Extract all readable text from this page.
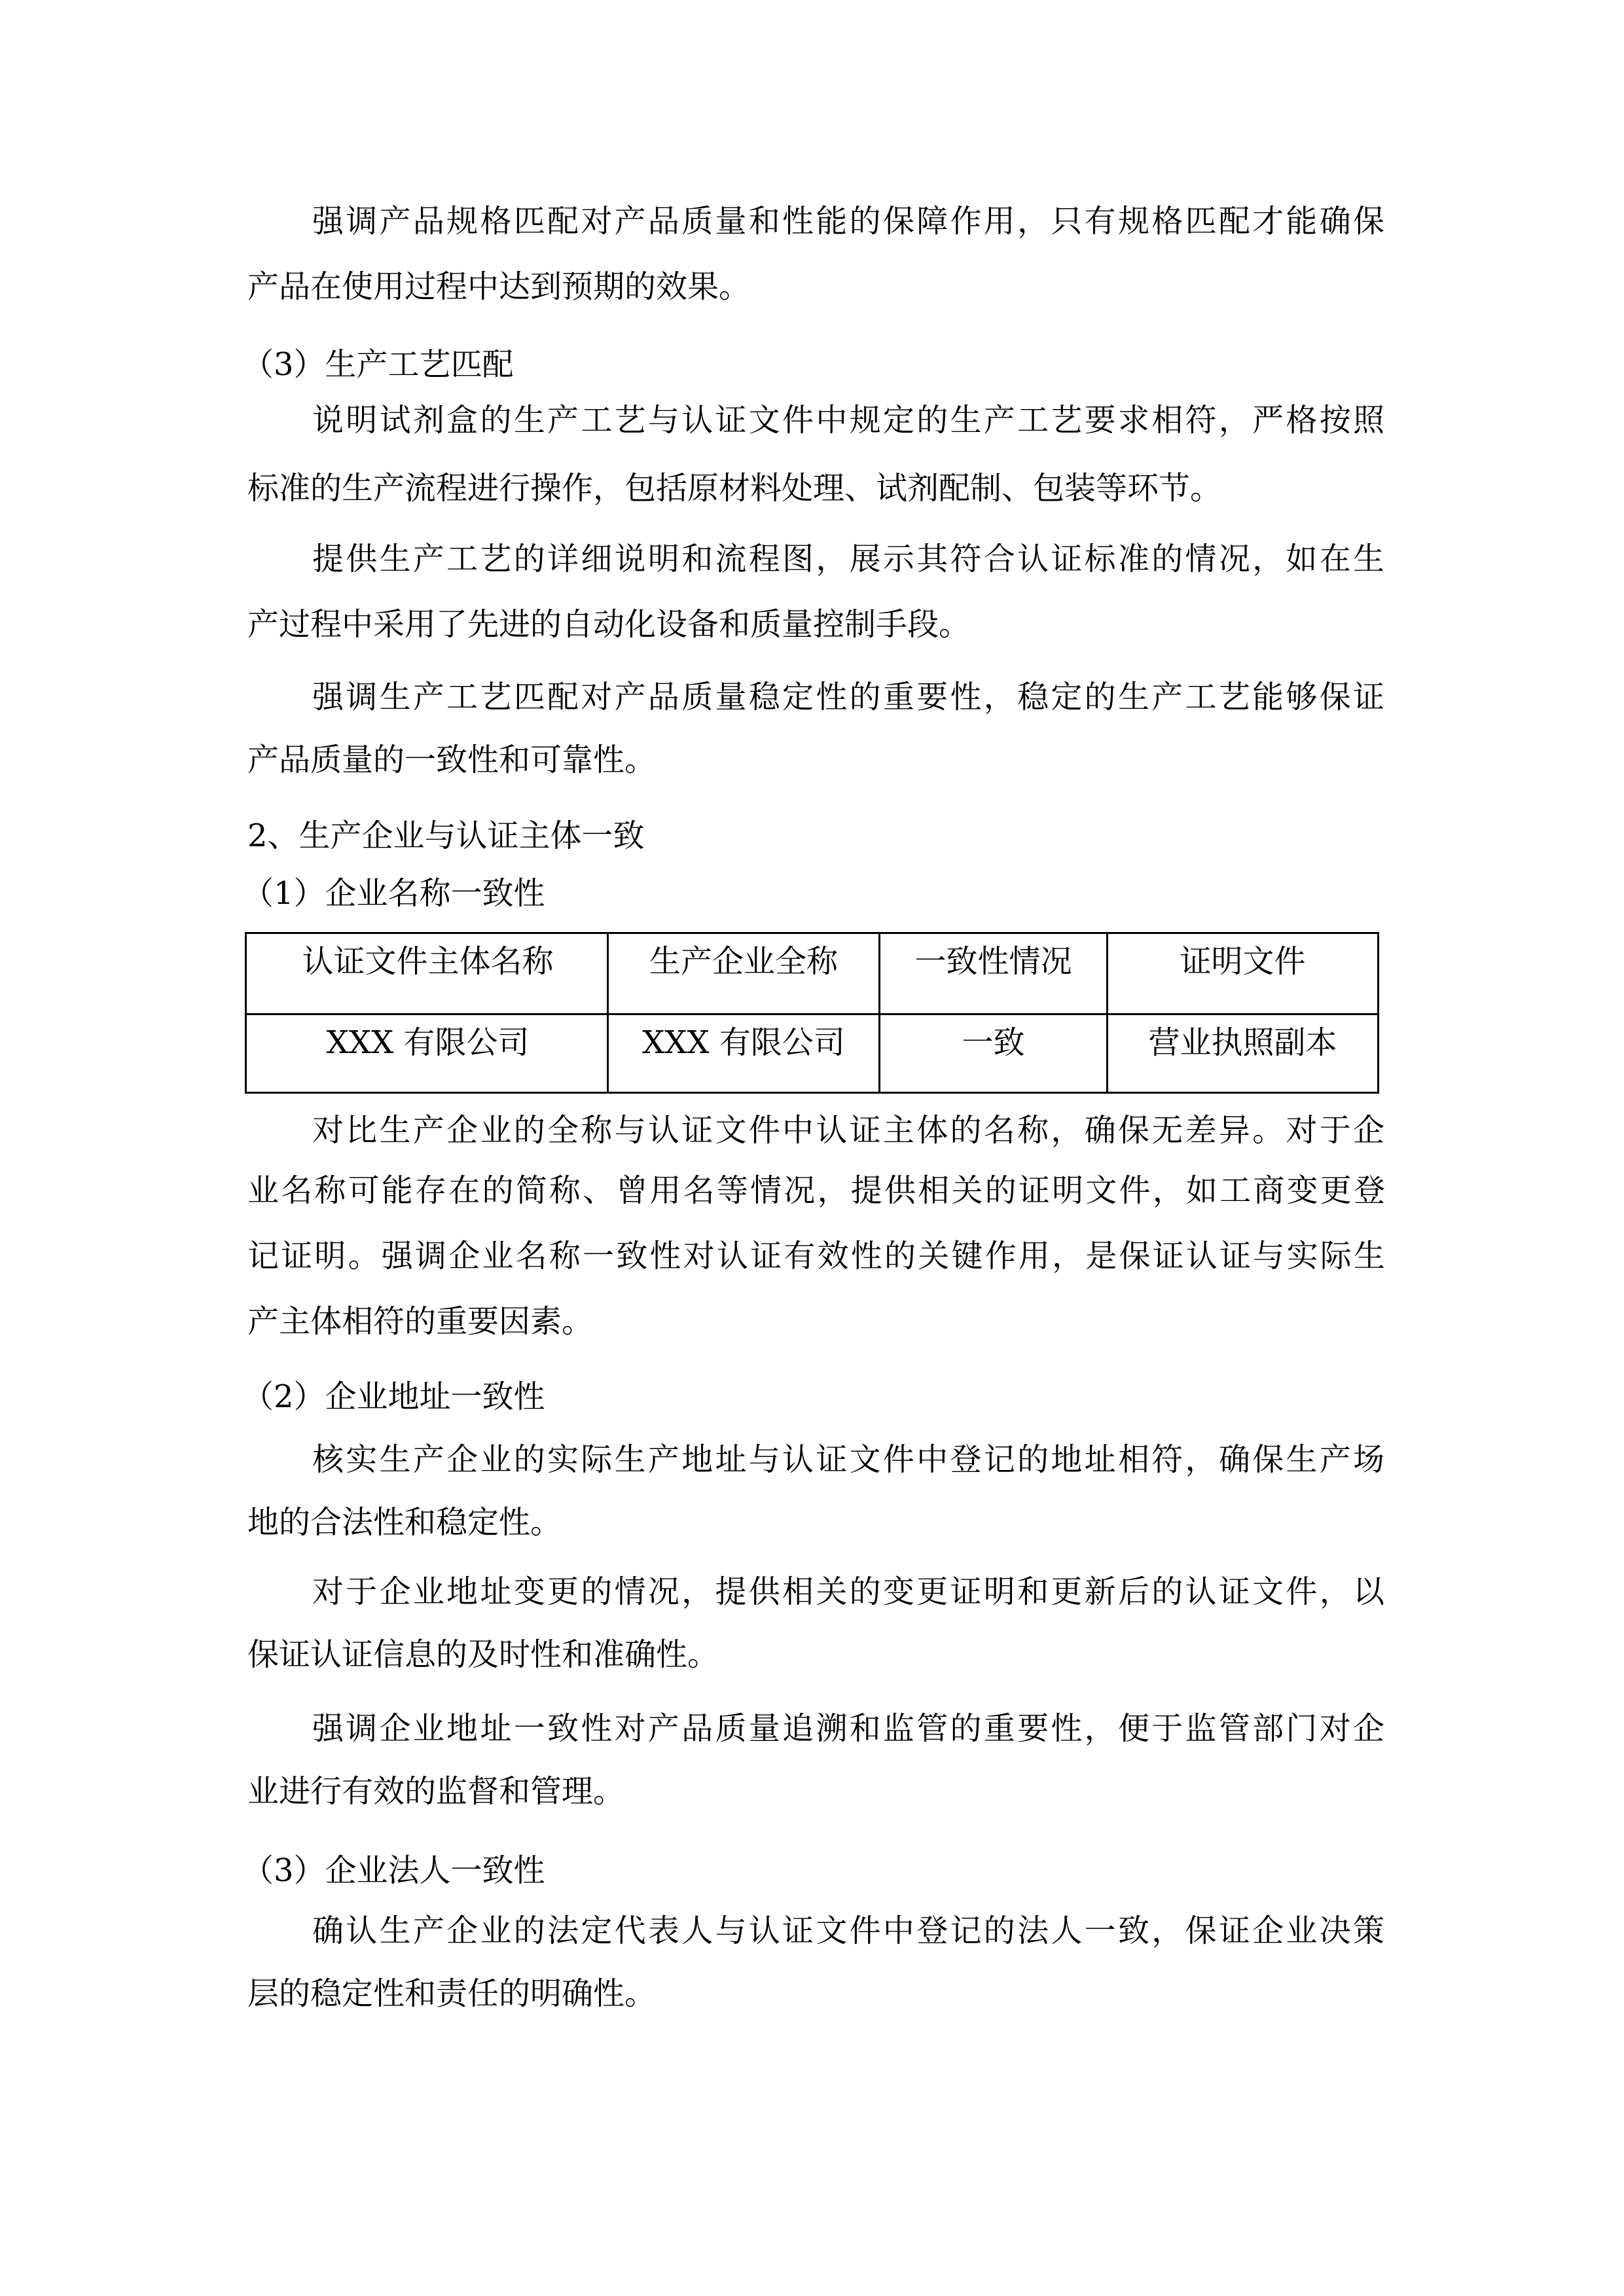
强调产品规格匹配对产品质量和性能的保障作用，只有规格匹配才能确保
产品在使用过程中达到预期的效果。
（3）生产工艺匹配
说明试剂盒的生产工艺与认证文件中规定的生产工艺要求相符，严格按照
标准的生产流程进行操作，包括原材料处理、试剂配制、包装等环节。
提供生产工艺的详细说明和流程图，展示其符合认证标准的情况，如在生
产过程中采用了先进的自动化设备和质量控制手段。
强调生产工艺匹配对产品质量稳定性的重要性，稳定的生产工艺能够保证
产品质量的一致性和可靠性。
2、生产企业与认证主体一致
（1）企业名称一致性
认证文件主体名称	生产企业全称	一致性情况	证明文件
XXX 有限公司	XXX 有限公司	一致	营业执照副本
对比生产企业的全称与认证文件中认证主体的名称，确保无差异。对于企
业名称可能存在的简称、曾用名等情况，提供相关的证明文件，如工商变更登
记证明。强调企业名称一致性对认证有效性的关键作用，是保证认证与实际生
产主体相符的重要因素。
（2）企业地址一致性
核实生产企业的实际生产地址与认证文件中登记的地址相符，确保生产场
地的合法性和稳定性。
对于企业地址变更的情况，提供相关的变更证明和更新后的认证文件，以
保证认证信息的及时性和准确性。
强调企业地址一致性对产品质量追溯和监管的重要性，便于监管部门对企
业进行有效的监督和管理。
（3）企业法人一致性
确认生产企业的法定代表人与认证文件中登记的法人一致，保证企业决策
层的稳定性和责任的明确性。
